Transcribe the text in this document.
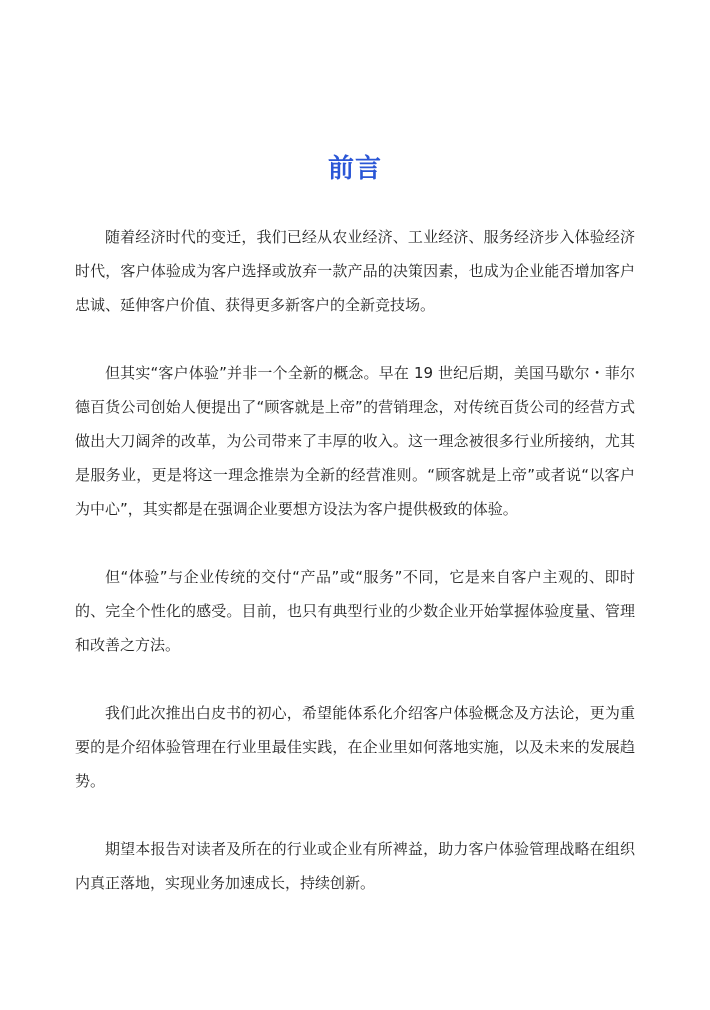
前言

随着经济时代的变迁，我们已经从农业经济、工业经济、服务经济步入体验经济时代，客户体验成为客户选择或放弃一款产品的决策因素，也成为企业能否增加客户忠诚、延伸客户价值、获得更多新客户的全新竞技场。

但其实“客户体验”并非一个全新的概念。早在 19 世纪后期，美国马歇尔・菲尔德百货公司创始人便提出了“顾客就是上帝”的营销理念，对传统百货公司的经营方式做出大刀阔斧的改革，为公司带来了丰厚的收入。这一理念被很多行业所接纳，尤其是服务业，更是将这一理念推崇为全新的经营准则。“顾客就是上帝”或者说“以客户为中心”，其实都是在强调企业要想方设法为客户提供极致的体验。

但“体验”与企业传统的交付“产品”或“服务”不同，它是来自客户主观的、即时的、完全个性化的感受。目前，也只有典型行业的少数企业开始掌握体验度量、管理和改善之方法。

我们此次推出白皮书的初心，希望能体系化介绍客户体验概念及方法论，更为重要的是介绍体验管理在行业里最佳实践，在企业里如何落地实施，以及未来的发展趋势。

期望本报告对读者及所在的行业或企业有所裨益，助力客户体验管理战略在组织内真正落地，实现业务加速成长，持续创新。
